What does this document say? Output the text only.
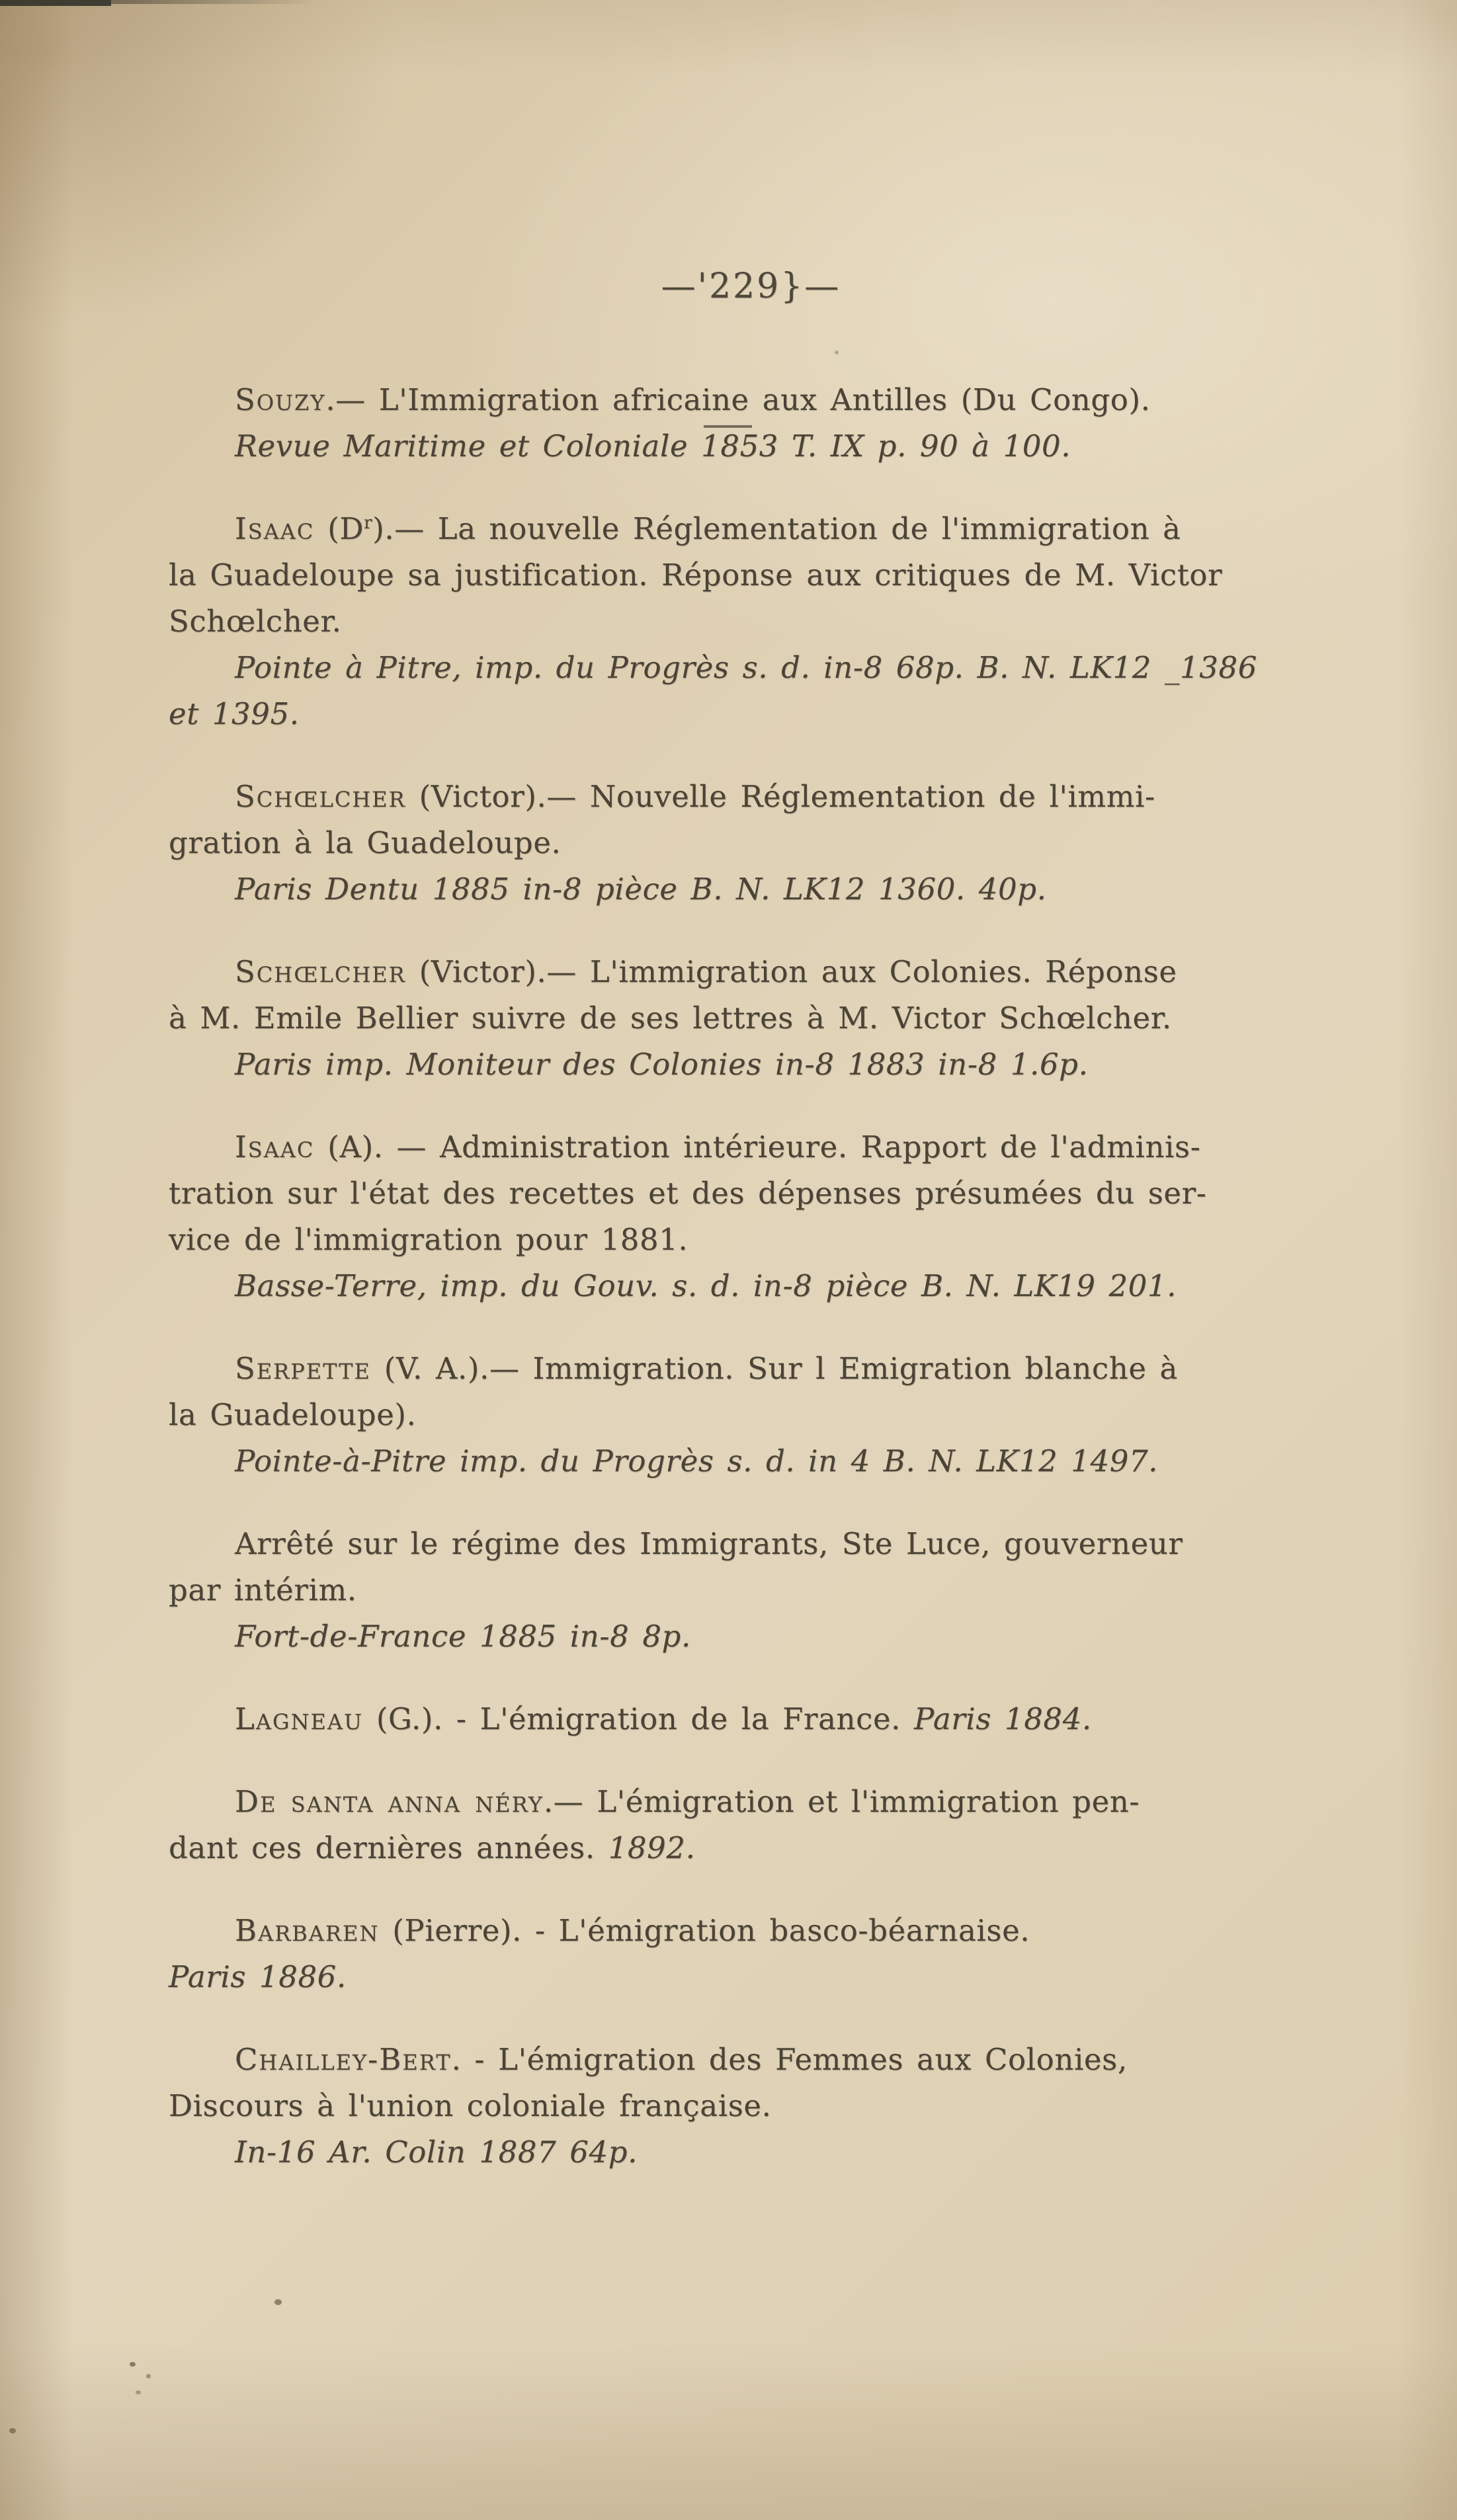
—'229}—
Souzy.— L'Immigration africaine aux Antilles (Du Congo).
Revue Maritime et Coloniale 1853 T. IX p. 90 à 100.
Isaac $(D^r).—$ La nouvelle Réglementation de l'immigration à
la Guadeloupe sa justification. Réponse aux critiques de M. Victor
Schœlcher.
Pointe à Pitre, imp. du Progrès s. d. in-8 68p. B. N. LK12 _1386
et 1395.
Schœlcher (Victor).— Nouvelle Réglementation de l'immi-
gration à la Guadeloupe.
Paris Dentu 1885 in-8 pièce B. N. LK12 1360. 40p.
Schœlcher (Victor).— L'immigration aux Colonies. Réponse
à M. Emile Bellier suivre de ses lettres à M. Victor Schœlcher.
Paris imp. Moniteur des Colonies in-8 1883 in-8 1.6p.
Isaac (A). — Administration intérieure. Rapport de l'adminis-
tration sur l'état des recettes et des dépenses présumées du ser-
vice de l'immigration pour 1881.
Basse-Terre, imp. du Gouv. s. d. in-8 pièce B. N. LK19 201.
Serpette (V. A.).— Immigration. Sur l Emigration blanche à
la Guadeloupe).
Pointe-à-Pitre imp. du Progrès s. d. in 4 B. N. LK12 1497.
Arrêté sur le régime des Immigrants, Ste Luce, gouverneur
par intérim.
Fort-de-France 1885 in-8 8p.
Lagneau (G.). - L'émigration de la France. Paris 1884.
De santa anna néry.— L'émigration et l'immigration pen-
dant ces dernières années. 1892.
Barbaren (Pierre). - L'émigration basco-béarnaise.
Paris 1886.
Chailley-Bert. - L'émigration des Femmes aux Colonies,
Discours à l'union coloniale française.
In-16 Ar. Colin 1887 64p.
